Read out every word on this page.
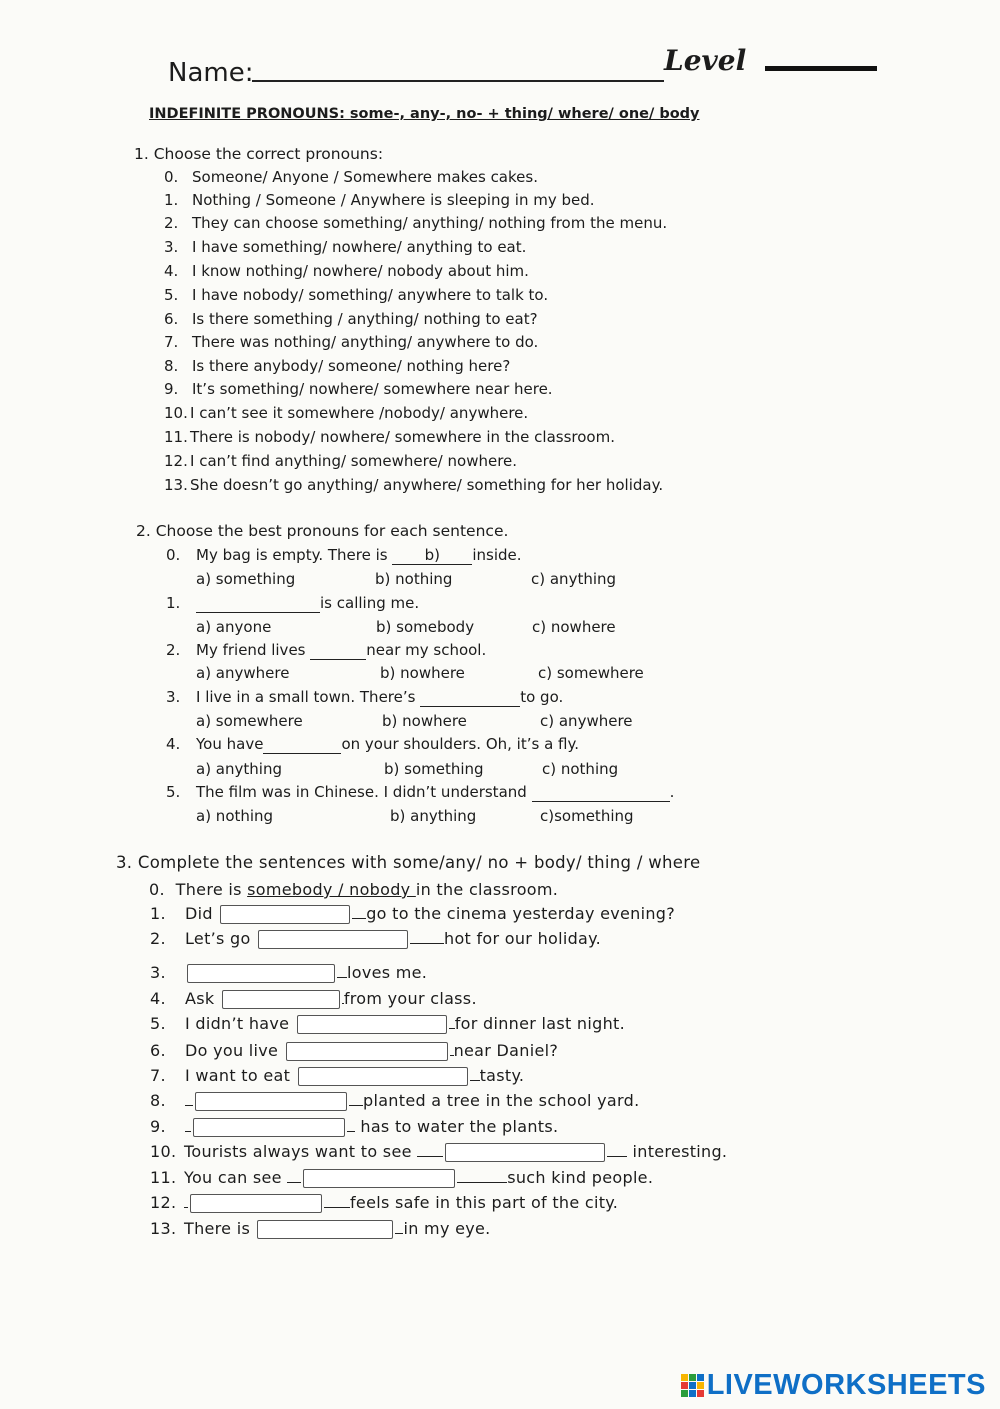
Name:	Level
INDEFINITE PRONOUNS: some-, any-, no- + thing/ where/ one/ body
1. Choose the correct pronouns:
0. Someone/ Anyone / Somewhere makes cakes.
1. Nothing / Someone / Anywhere is sleeping in my bed.
2. They can choose something/ anything/ nothing from the menu.
3. I have something/ nowhere/ anything to eat.
4. I know nothing/ nowhere/ nobody about him.
5. I have nobody/ something/ anywhere to talk to.
6. Is there something / anything/ nothing to eat?
7. There was nothing/ anything/ anywhere to do.
8. Is there anybody/ someone/ nothing here?
9. It’s something/ nowhere/ somewhere near here.
10. I can’t see it somewhere /nobody/ anywhere.
11. There is nobody/ nowhere/ somewhere in the classroom.
12. I can’t find anything/ somewhere/ nowhere.
13. She doesn’t go anything/ anywhere/ something for her holiday.
2. Choose the best pronouns for each sentence.
0. My bag is empty. There is b) inside.
a) something	b) nothing	c) anything
1.	is calling me.
a) anyone	b) somebody	c) nowhere
2. My friend lives	near my school.
a) anywhere	b) nowhere	c) somewhere
3. I live in a small town. There’s	to go.
a) somewhere	b) nowhere	c) anywhere
4. You have	on your shoulders. Oh, it’s a fly.
a) anything	b) something	c) nothing
5. The film was in Chinese. I didn’t understand	.
a) nothing	b) anything	c)something
3. Complete the sentences with some/any/ no + body/ thing / where
0. There is somebody / nobody in the classroom.
1. Did	go to the cinema yesterday evening?
2. Let’s go	hot for our holiday.
3.	loves me.
4. Ask	from your class.
5. I didn’t have	for dinner last night.
6. Do you live	near Daniel?
7. I want to eat	tasty.
8.	planted a tree in the school yard.
9.	has to water the plants.
10. Tourists always want to see	interesting.
11. You can see	such kind people.
12.	feels safe in this part of the city.
13. There is	in my eye.
LIVEWORKSHEETS
